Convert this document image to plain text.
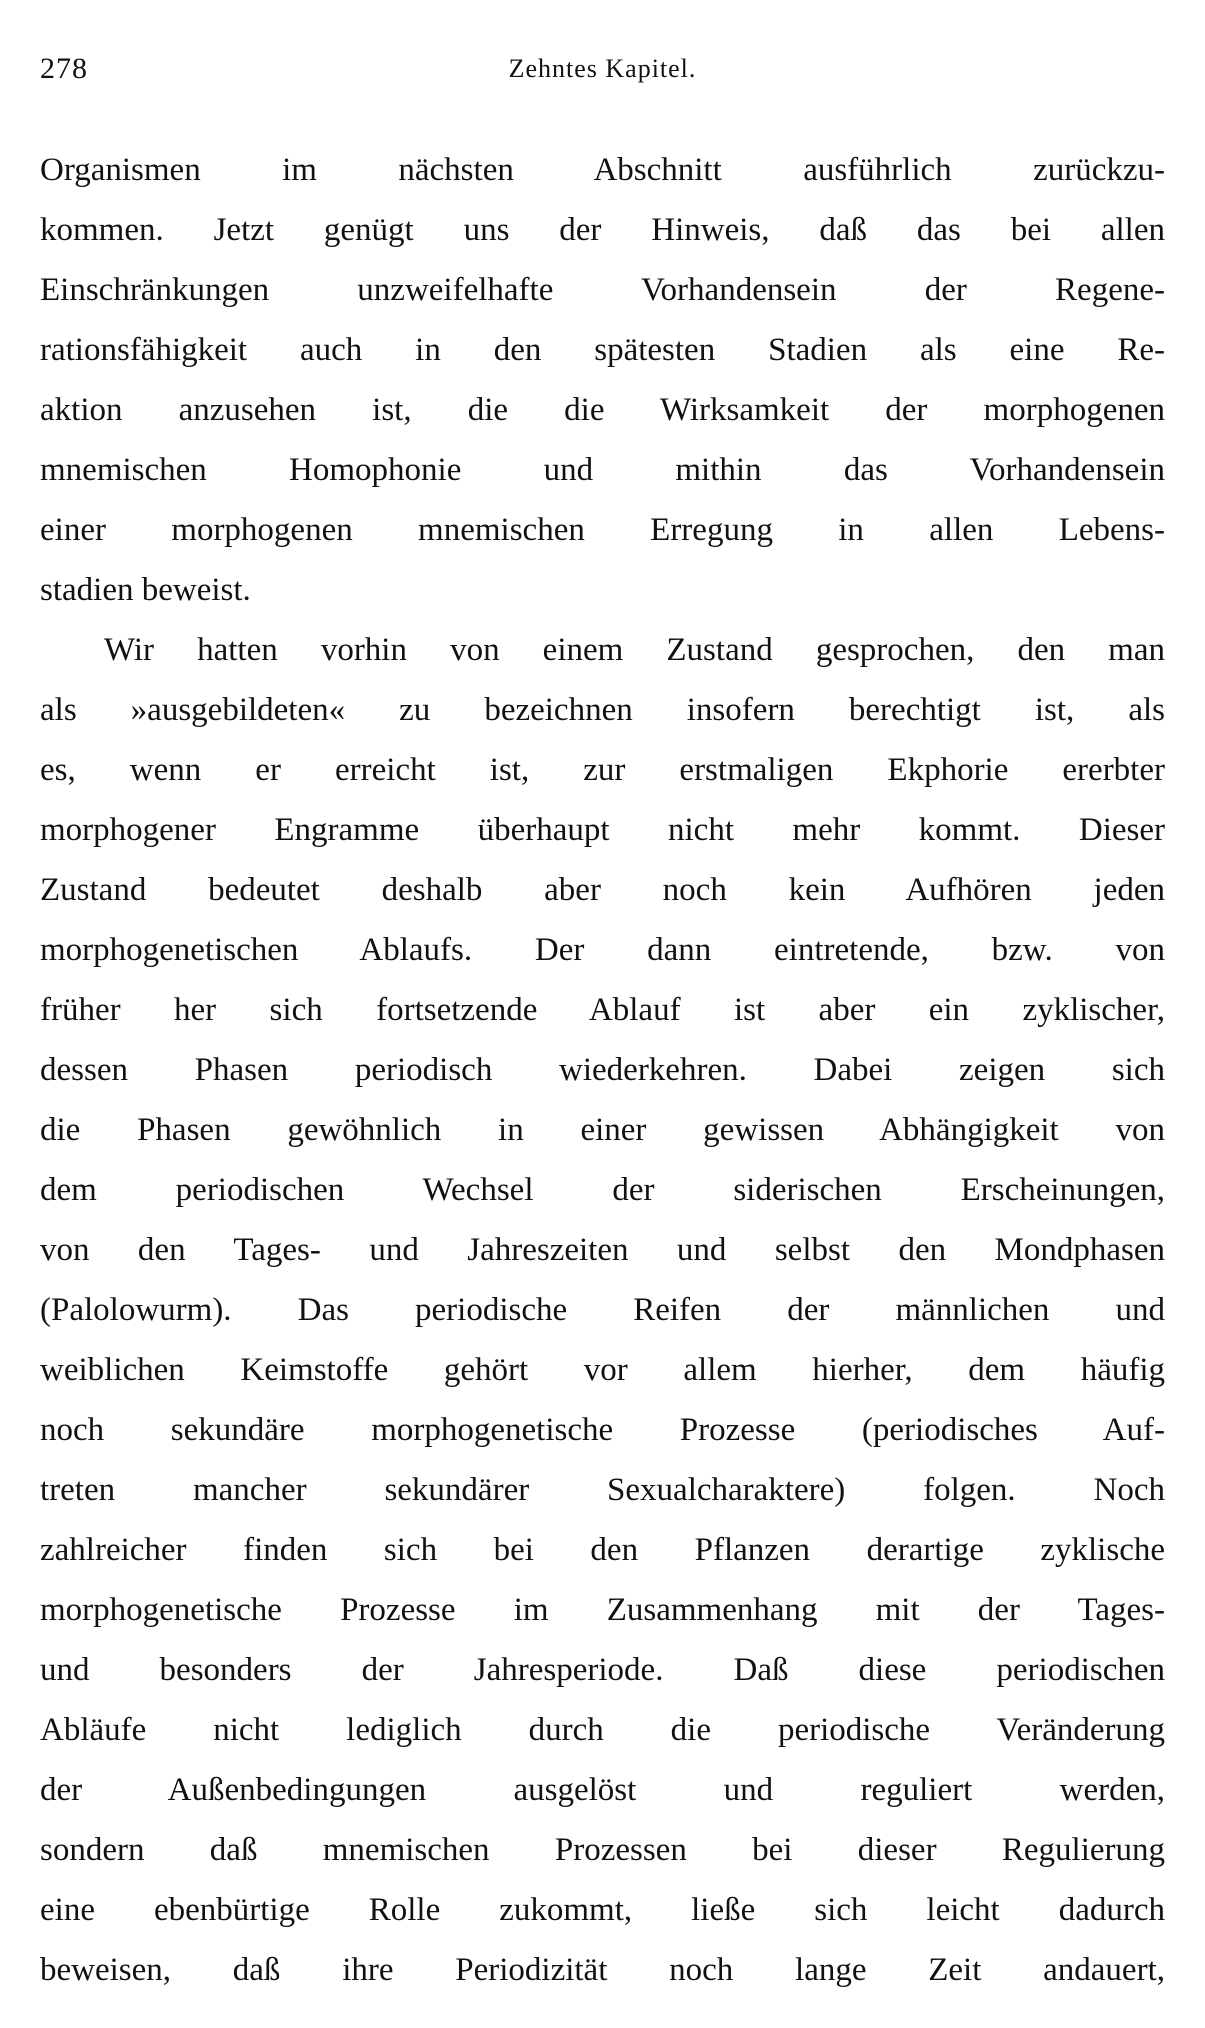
278	Zehntes Kapitel.
Organismen im nächsten Abschnitt ausführlich zurückzu-
kommen. Jetzt genügt uns der Hinweis, daß das bei allen
Einschränkungen unzweifelhafte Vorhandensein der Regene-
rationsfähigkeit auch in den spätesten Stadien als eine Re-
aktion anzusehen ist, die die Wirksamkeit der morphogenen
mnemischen Homophonie und mithin das Vorhandensein
einer morphogenen mnemischen Erregung in allen Lebens-
stadien beweist.
Wir hatten vorhin von einem Zustand gesprochen, den man
als »ausgebildeten« zu bezeichnen insofern berechtigt ist, als
es, wenn er erreicht ist, zur erstmaligen Ekphorie ererbter
morphogener Engramme überhaupt nicht mehr kommt. Dieser
Zustand bedeutet deshalb aber noch kein Aufhören jeden
morphogenetischen Ablaufs. Der dann eintretende, bzw. von
früher her sich fortsetzende Ablauf ist aber ein zyklischer,
dessen Phasen periodisch wiederkehren. Dabei zeigen sich
die Phasen gewöhnlich in einer gewissen Abhängigkeit von
dem periodischen Wechsel der siderischen Erscheinungen,
von den Tages- und Jahreszeiten und selbst den Mondphasen
(Palolowurm). Das periodische Reifen der männlichen und
weiblichen Keimstoffe gehört vor allem hierher, dem häufig
noch sekundäre morphogenetische Prozesse (periodisches Auf-
treten mancher sekundärer Sexualcharaktere) folgen. Noch
zahlreicher finden sich bei den Pflanzen derartige zyklische
morphogenetische Prozesse im Zusammenhang mit der Tages-
und besonders der Jahresperiode. Daß diese periodischen
Abläufe nicht lediglich durch die periodische Veränderung
der Außenbedingungen ausgelöst und reguliert werden,
sondern daß mnemischen Prozessen bei dieser Regulierung
eine ebenbürtige Rolle zukommt, ließe sich leicht dadurch
beweisen, daß ihre Periodizität noch lange Zeit andauert,
